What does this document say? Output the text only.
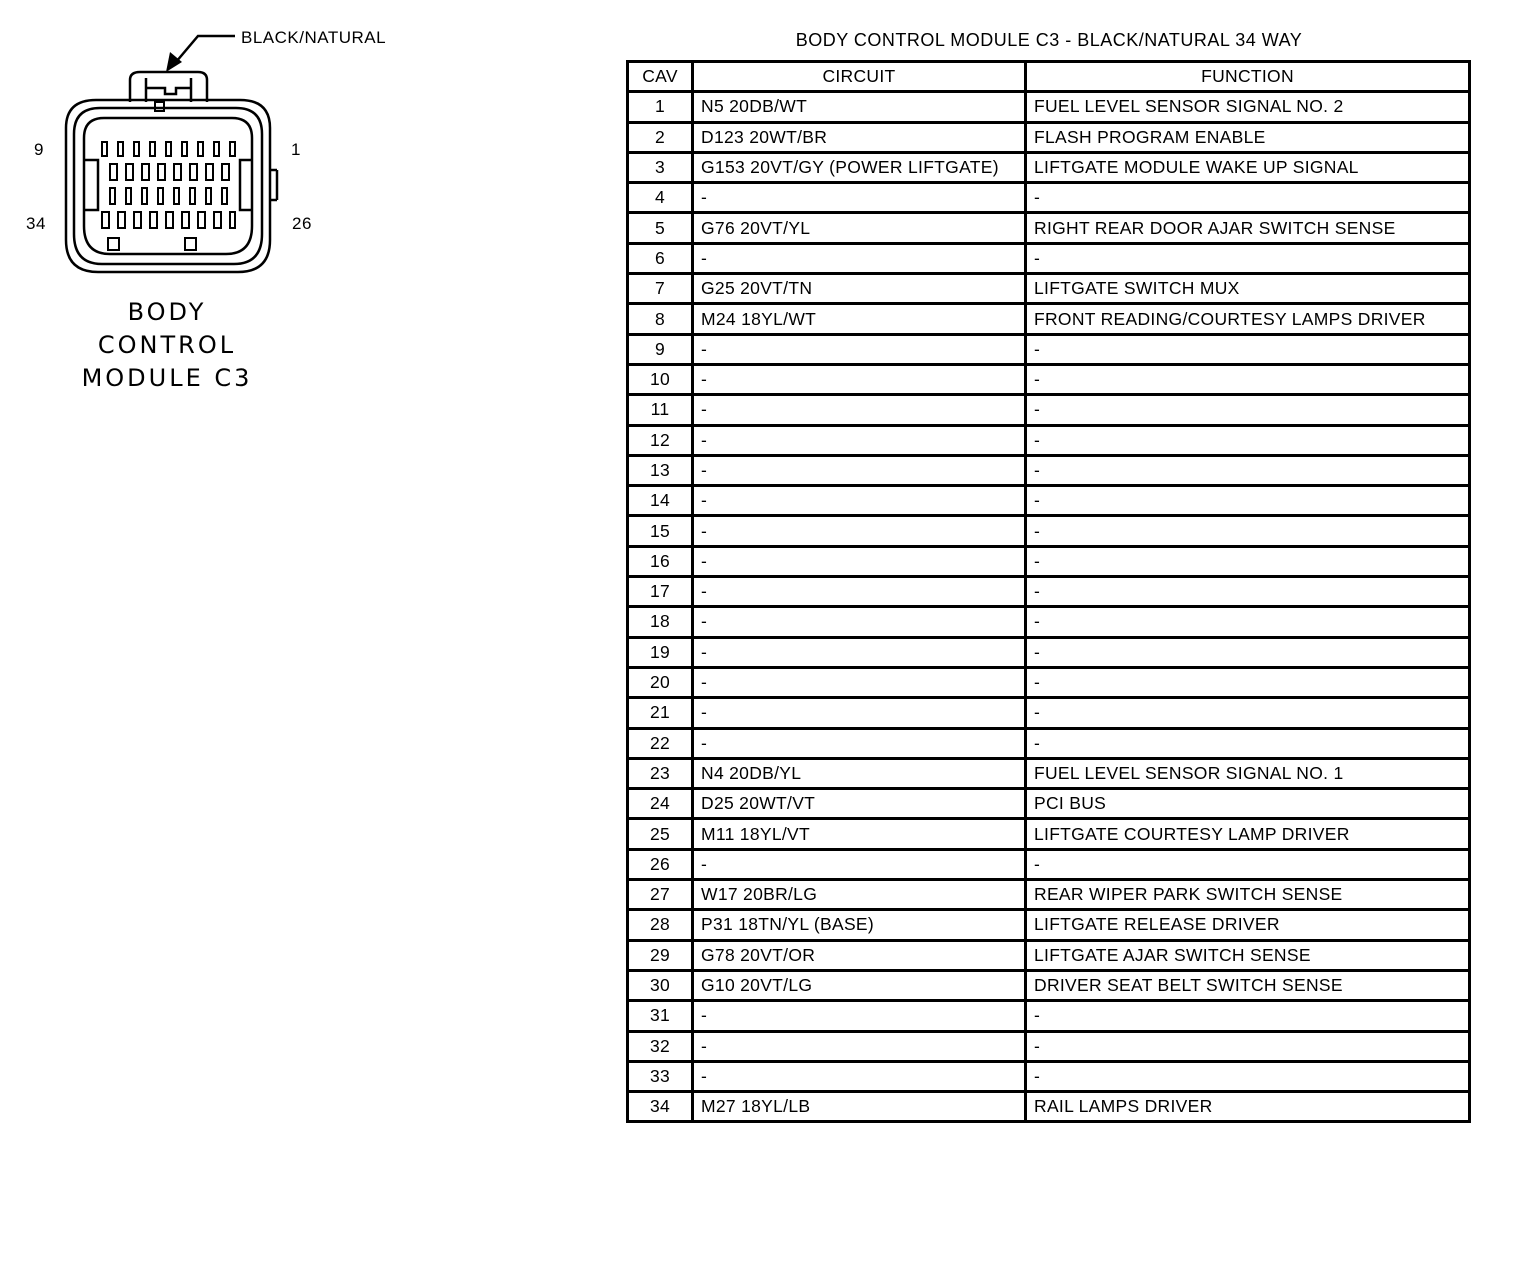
BLACK/NATURAL
9	1
34	26
BODY
CONTROL
MODULE C3
BODY CONTROL MODULE C3 - BLACK/NATURAL 34 WAY
CAV	CIRCUIT	FUNCTION
1	N5 20DB/WT	FUEL LEVEL SENSOR SIGNAL NO. 2
2	D123 20WT/BR	FLASH PROGRAM ENABLE
3	G153 20VT/GY (POWER LIFTGATE)	LIFTGATE MODULE WAKE UP SIGNAL
4	-	-
5	G76 20VT/YL	RIGHT REAR DOOR AJAR SWITCH SENSE
6	-	-
7	G25 20VT/TN	LIFTGATE SWITCH MUX
8	M24 18YL/WT	FRONT READING/COURTESY LAMPS DRIVER
9	-	-
10	-	-
11	-	-
12	-	-
13	-	-
14	-	-
15	-	-
16	-	-
17	-	-
18	-	-
19	-	-
20	-	-
21	-	-
22	-	-
23	N4 20DB/YL	FUEL LEVEL SENSOR SIGNAL NO. 1
24	D25 20WT/VT	PCI BUS
25	M11 18YL/VT	LIFTGATE COURTESY LAMP DRIVER
26	-	-
27	W17 20BR/LG	REAR WIPER PARK SWITCH SENSE
28	P31 18TN/YL (BASE)	LIFTGATE RELEASE DRIVER
29	G78 20VT/OR	LIFTGATE AJAR SWITCH SENSE
30	G10 20VT/LG	DRIVER SEAT BELT SWITCH SENSE
31	-	-
32	-	-
33	-	-
34	M27 18YL/LB	RAIL LAMPS DRIVER
